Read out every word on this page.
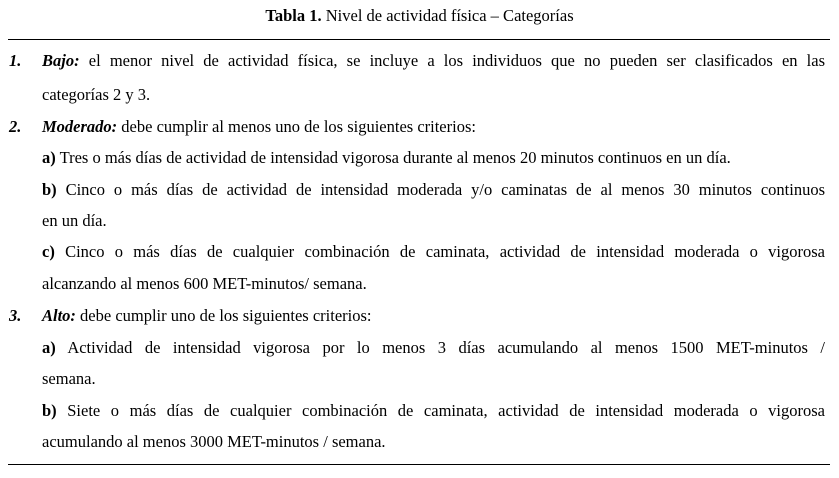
Tabla 1. Nivel de actividad física – Categorías
1. Bajo: el menor nivel de actividad física, se incluye a los individuos que no pueden ser clasificados en las
categorías 2 y 3.
2. Moderado: debe cumplir al menos uno de los siguientes criterios:
a) Tres o más días de actividad de intensidad vigorosa durante al menos 20 minutos continuos en un día.
b) Cinco o más días de actividad de intensidad moderada y/o caminatas de al menos 30 minutos continuos
en un día.
c) Cinco o más días de cualquier combinación de caminata, actividad de intensidad moderada o vigorosa
alcanzando al menos 600 MET-minutos/ semana.
3. Alto: debe cumplir uno de los siguientes criterios:
a) Actividad de intensidad vigorosa por lo menos 3 días acumulando al menos 1500 MET-minutos /
semana.
b) Siete o más días de cualquier combinación de caminata, actividad de intensidad moderada o vigorosa
acumulando al menos 3000 MET-minutos / semana.
